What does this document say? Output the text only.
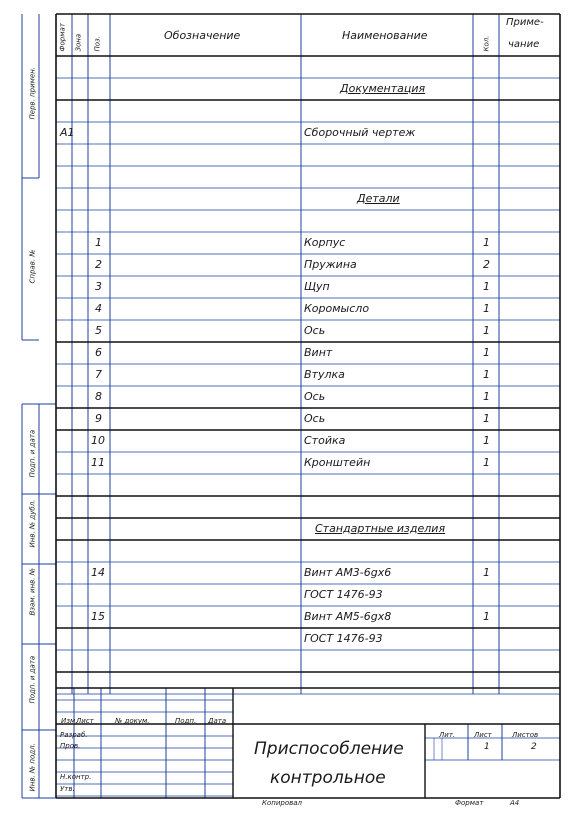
Перв. примен.
Справ. №
Подп. и дата
Инв. № дубл.
Взам. инв. №
Подп. и дата
Инв. № подл.
Формат Зона Поз.
Обозначение	Наименование
Кол.
Приме-
чание
Документация
А1	Сборочный чертеж
Детали
1	Корпус	1
2	Пружина	2
3	Щуп	1
4	Коромысло	1
5	Ось	1
6	Винт	1
7	Втулка	1
8	Ось	1
9	Ось	1
10	Стойка	1
11	Кронштейн	1
Стандартные изделия
14	Винт АМ3-6gх6	1
ГОСТ 1476-93
15	Винт АМ5-6gх8	1
ГОСТ 1476-93
Изм.
Лист	№ докум.	Подп. Дата
Разраб.
Пров.
Н.контр.
Утв.
Приспособление
контрольное
Лит.	Лист	Листов
1	2
Копировал	Формат	А4
